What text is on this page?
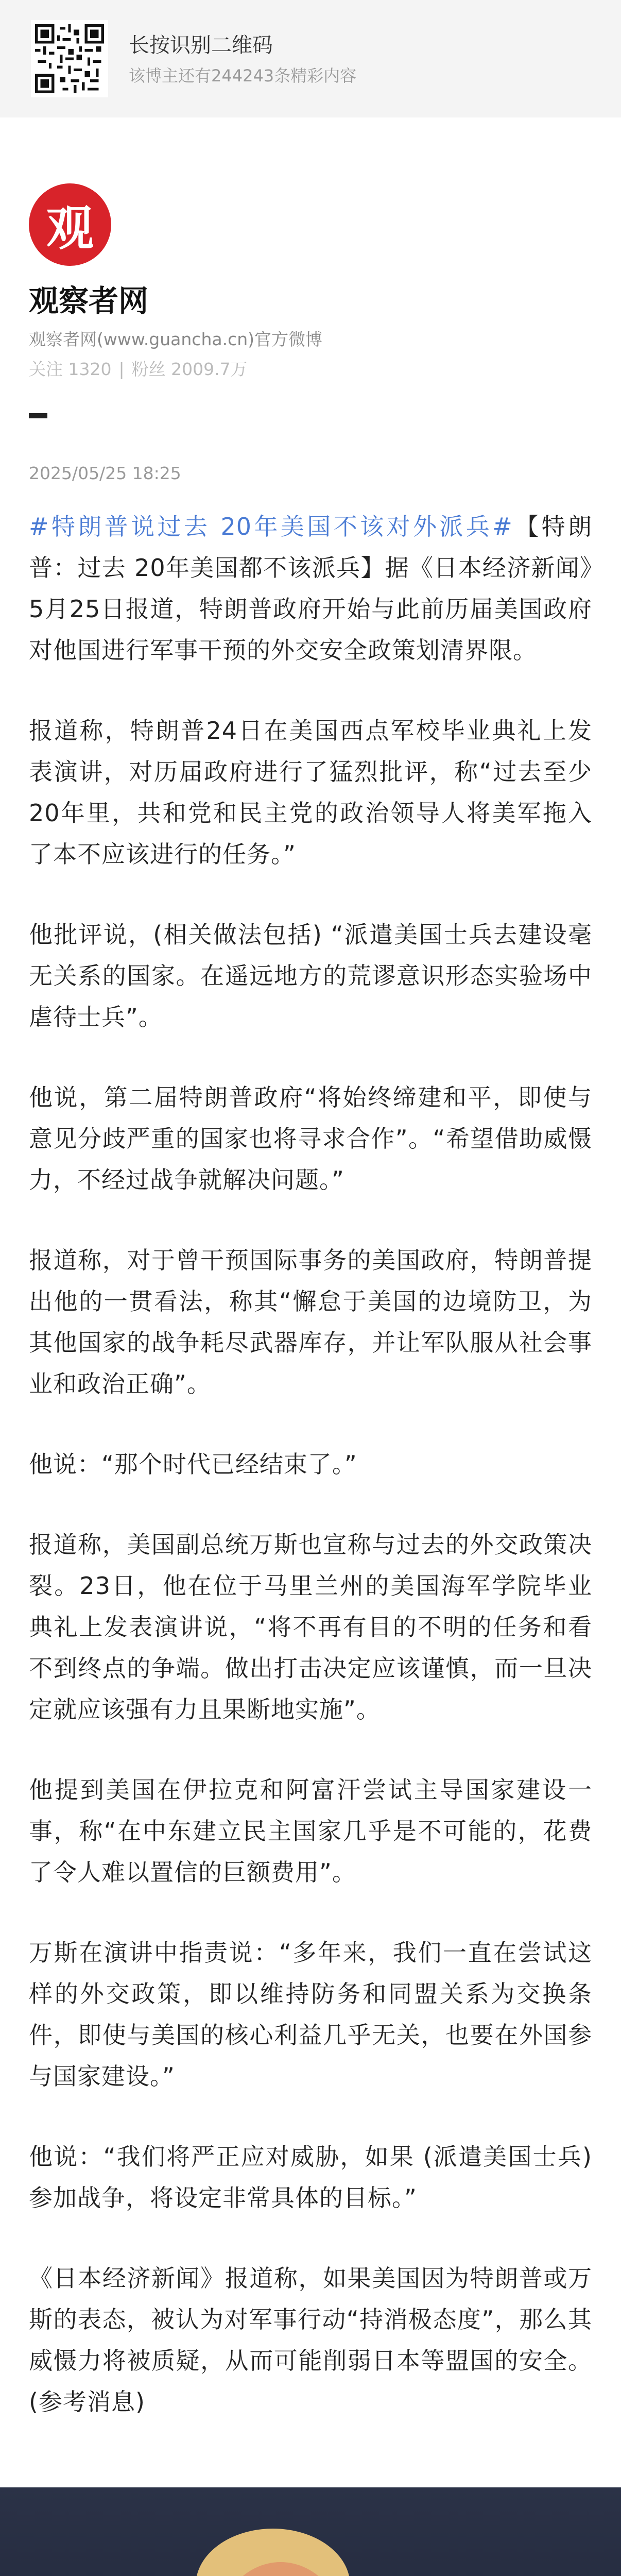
长按识别二维码
该博主还有244243条精彩内容
观
观察者网
观察者网(www.guancha.cn)官方微博
关注 1320 | 粉丝 2009.7万
2025/05/25 18:25

#特朗普说过去 20年美国不该对外派兵#【特朗普：过去 20年美国都不该派兵】据《日本经济新闻》5月25日报道，特朗普政府开始与此前历届美国政府对他国进行军事干预的外交安全政策划清界限。

报道称，特朗普24日在美国西点军校毕业典礼上发表演讲，对历届政府进行了猛烈批评，称“过去至少20年里，共和党和民主党的政治领导人将美军拖入了本不应该进行的任务。”

他批评说，(相关做法包括) “派遣美国士兵去建设毫无关系的国家。在遥远地方的荒谬意识形态实验场中虐待士兵”。

他说，第二届特朗普政府“将始终缔建和平，即使与意见分歧严重的国家也将寻求合作”。“希望借助威慑力，不经过战争就解决问题。”

报道称，对于曾干预国际事务的美国政府，特朗普提出他的一贯看法，称其“懈怠于美国的边境防卫，为其他国家的战争耗尽武器库存，并让军队服从社会事业和政治正确”。

他说：“那个时代已经结束了。”

报道称，美国副总统万斯也宣称与过去的外交政策决裂。23日，他在位于马里兰州的美国海军学院毕业典礼上发表演讲说，“将不再有目的不明的任务和看不到终点的争端。做出打击决定应该谨慎，而一旦决定就应该强有力且果断地实施”。

他提到美国在伊拉克和阿富汗尝试主导国家建设一事，称“在中东建立民主国家几乎是不可能的，花费了令人难以置信的巨额费用”。

万斯在演讲中指责说：“多年来，我们一直在尝试这样的外交政策，即以维持防务和同盟关系为交换条件，即使与美国的核心利益几乎无关，也要在外国参与国家建设。”

他说：“我们将严正应对威胁，如果 (派遣美国士兵) 参加战争，将设定非常具体的目标。”

《日本经济新闻》报道称，如果美国因为特朗普或万斯的表态，被认为对军事行动“持消极态度”，那么其威慑力将被质疑，从而可能削弱日本等盟国的安全。(参考消息)
